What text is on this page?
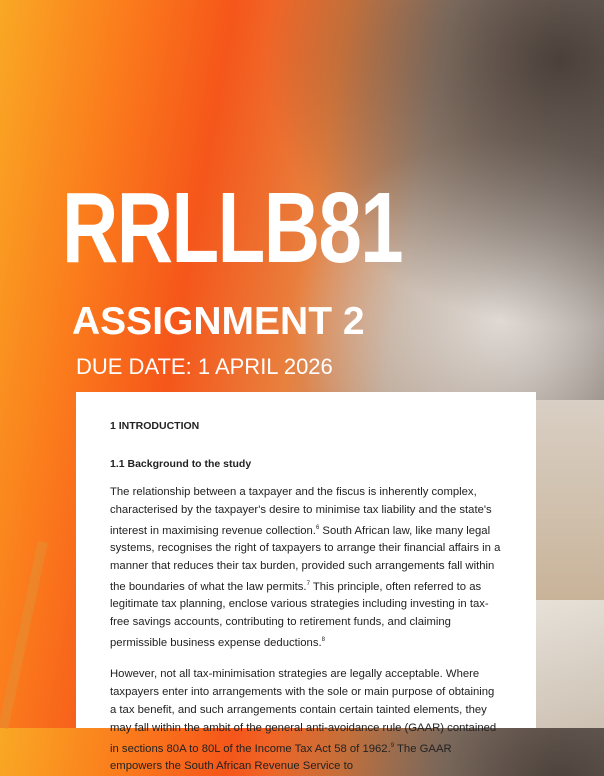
RRLLB81
ASSIGNMENT 2
DUE DATE: 1 APRIL 2026
1 INTRODUCTION
1.1 Background to the study

The relationship between a taxpayer and the fiscus is inherently complex, characterised by the taxpayer's desire to minimise tax liability and the state's interest in maximising revenue collection.$^6$ South African law, like many legal systems, recognises the right of taxpayers to arrange their financial affairs in a manner that reduces their tax burden, provided such arrangements fall within the boundaries of what the law permits.$^7$ This principle, often referred to as legitimate tax planning, enclose various strategies including investing in tax-free savings accounts, contributing to retirement funds, and claiming permissible business expense deductions.$^8$

However, not all tax-minimisation strategies are legally acceptable. Where taxpayers enter into arrangements with the sole or main purpose of obtaining a tax benefit, and such arrangements contain certain tainted elements, they may fall within the ambit of the general anti-avoidance rule (GAAR) contained in sections 80A to 80L of the Income Tax Act 58 of 1962.$^9$ The GAAR empowers the South African Revenue Service to
